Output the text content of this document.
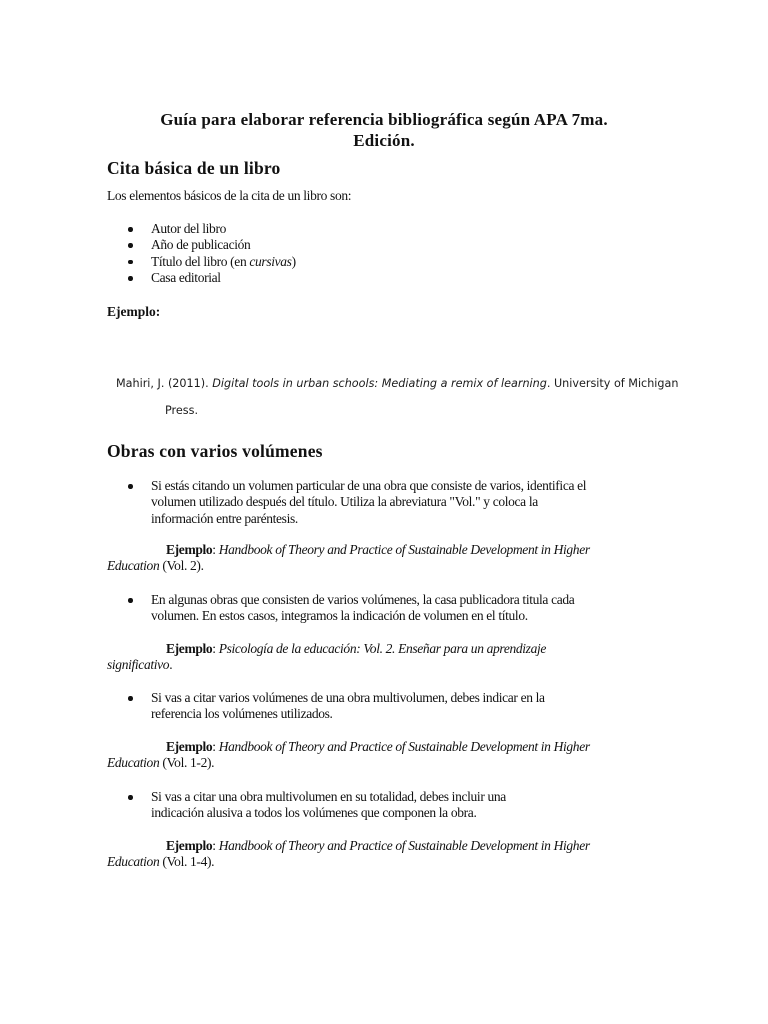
Guía para elaborar referencia bibliográfica según APA 7ma.
Edición.
Cita básica de un libro
Los elementos básicos de la cita de un libro son:
Autor del libro
Año de publicación
Título del libro (en cursivas)
Casa editorial
Ejemplo:
Mahiri, J. (2011). Digital tools in urban schools: Mediating a remix of learning. University of Michigan
Press.
Obras con varios volúmenes
Si estás citando un volumen particular de una obra que consiste de varios, identifica el
volumen utilizado después del título. Utiliza la abreviatura "Vol." y coloca la
información entre paréntesis.
Ejemplo: Handbook of Theory and Practice of Sustainable Development in Higher
Education (Vol. 2).
En algunas obras que consisten de varios volúmenes, la casa publicadora titula cada
volumen. En estos casos, integramos la indicación de volumen en el título.
Ejemplo: Psicología de la educación: Vol. 2. Enseñar para un aprendizaje
significativo.
Si vas a citar varios volúmenes de una obra multivolumen, debes indicar en la
referencia los volúmenes utilizados.
Ejemplo: Handbook of Theory and Practice of Sustainable Development in Higher
Education (Vol. 1-2).
Si vas a citar una obra multivolumen en su totalidad, debes incluir una
indicación alusiva a todos los volúmenes que componen la obra.
Ejemplo: Handbook of Theory and Practice of Sustainable Development in Higher
Education (Vol. 1-4).
